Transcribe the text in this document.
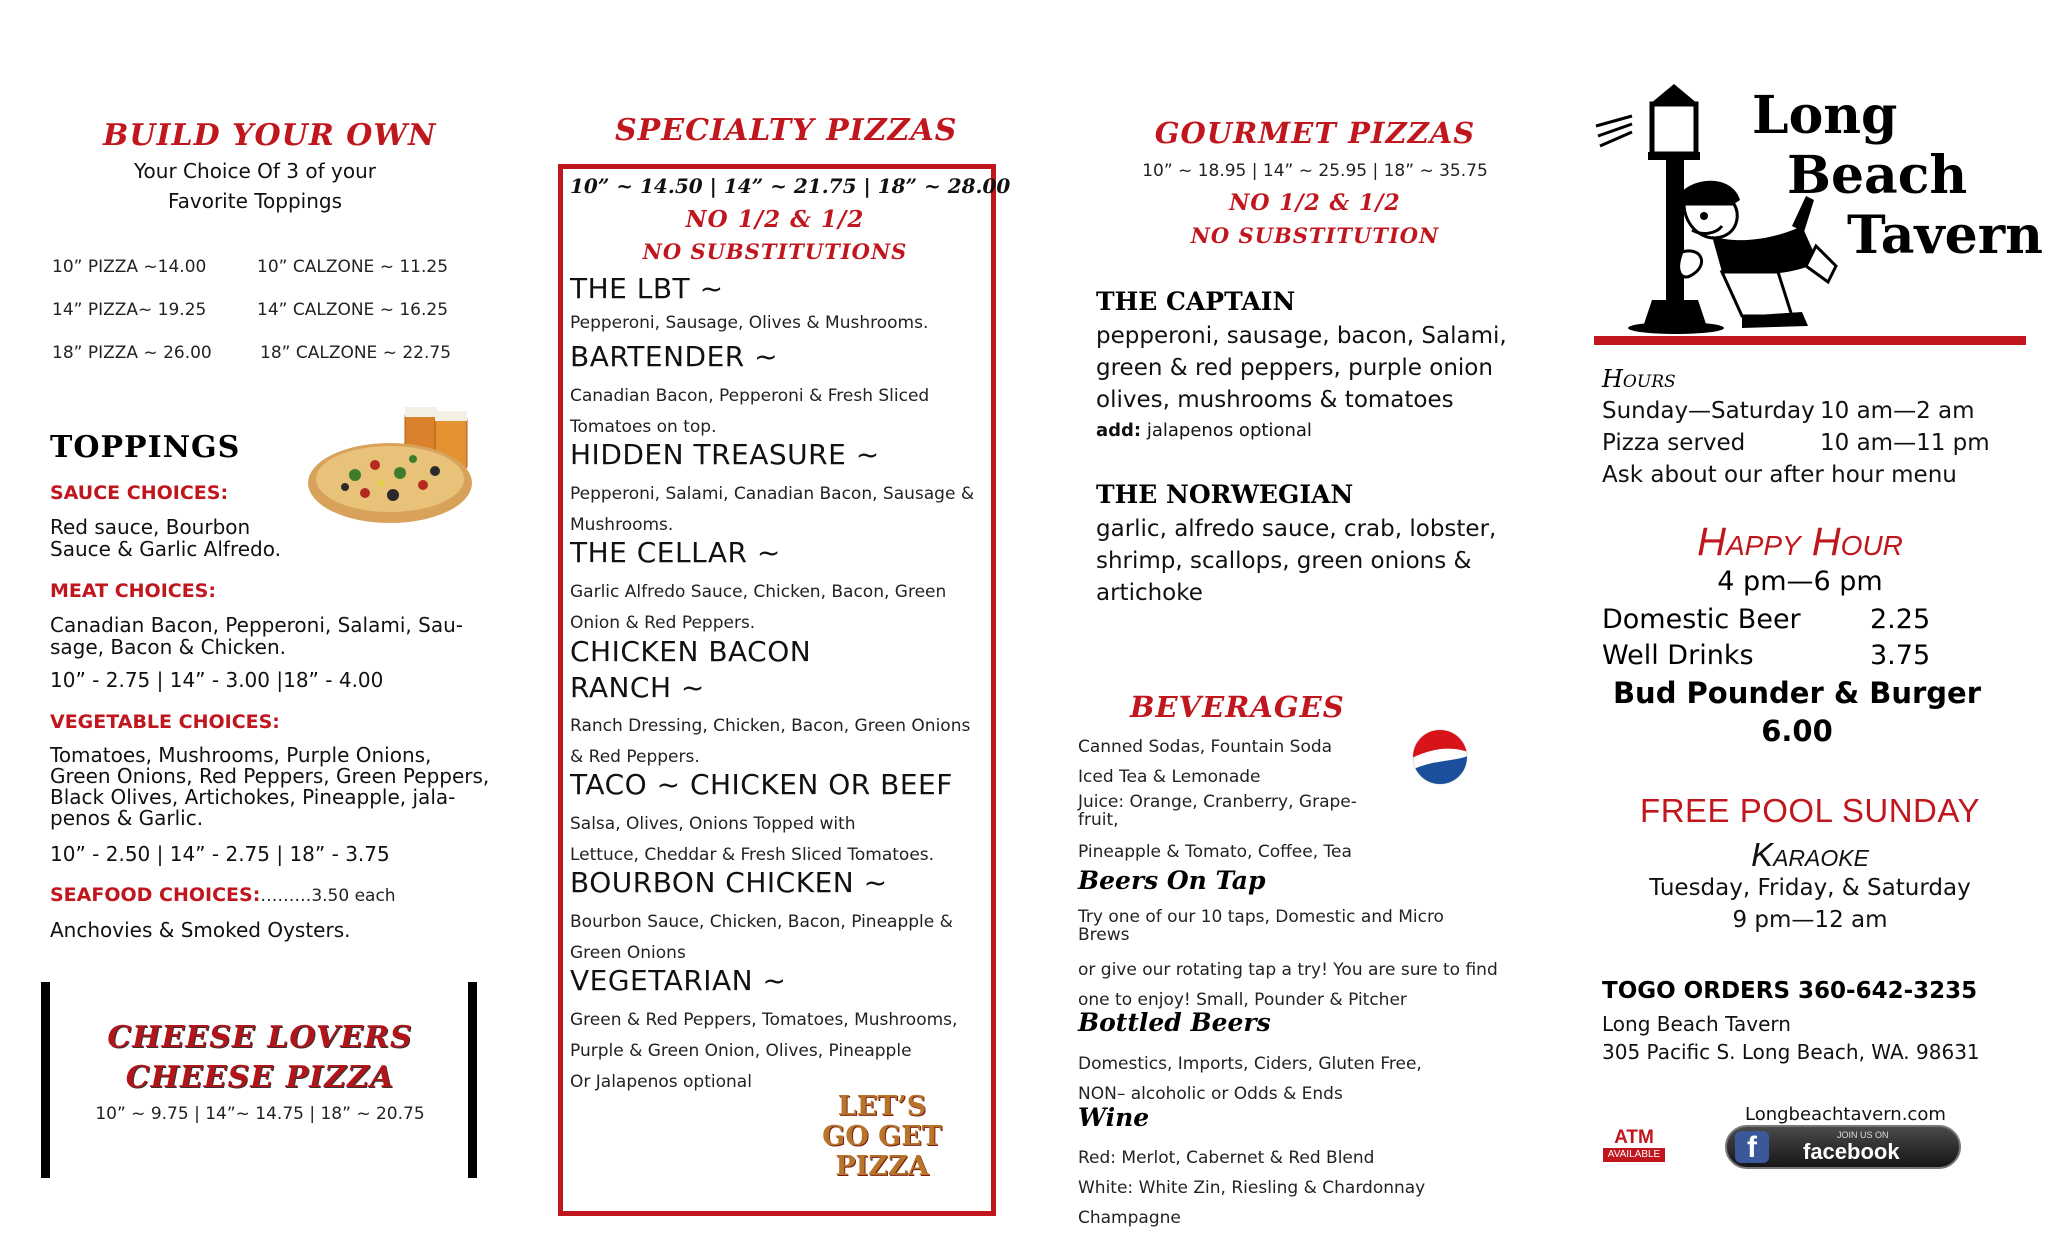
BUILD YOUR OWN
Your Choice Of 3 of your
Favorite Toppings
10” PIZZA ~14.00	10” CALZONE ~ 11.25
14” PIZZA~ 19.25	14” CALZONE ~ 16.25
18” PIZZA ~ 26.00	18” CALZONE ~ 22.75
TOPPINGS
SAUCE CHOICES:
Red sauce, Bourbon
Sauce & Garlic Alfredo.
MEAT CHOICES:
Canadian Bacon, Pepperoni, Salami, Sau-
sage, Bacon & Chicken.
10” - 2.75 | 14” - 3.00 |18” - 4.00
VEGETABLE CHOICES:
Tomatoes, Mushrooms, Purple Onions,
Green Onions, Red Peppers, Green Peppers,
Black Olives, Artichokes, Pineapple, jala-
penos & Garlic.
10” - 2.50 | 14” - 2.75 | 18” - 3.75
SEAFOOD CHOICES:………3.50 each
Anchovies & Smoked Oysters.
CHEESE LOVERS
CHEESE PIZZA
10” ~ 9.75 | 14”~ 14.75 | 18” ~ 20.75
SPECIALTY PIZZAS
10” ~ 14.50 | 14” ~ 21.75 | 18” ~ 28.00
NO 1/2 & 1/2
NO SUBSTITUTIONS
THE LBT ~
Pepperoni, Sausage, Olives & Mushrooms.
BARTENDER ~
Canadian Bacon, Pepperoni & Fresh Sliced
Tomatoes on top.
HIDDEN TREASURE ~
Pepperoni, Salami, Canadian Bacon, Sausage &
Mushrooms.
THE CELLAR ~
Garlic Alfredo Sauce, Chicken, Bacon, Green
Onion & Red Peppers.
CHICKEN BACON
RANCH ~
Ranch Dressing, Chicken, Bacon, Green Onions
& Red Peppers.
TACO ~ CHICKEN OR BEEF
Salsa, Olives, Onions Topped with
Lettuce, Cheddar & Fresh Sliced Tomatoes.
BOURBON CHICKEN ~
Bourbon Sauce, Chicken, Bacon, Pineapple &
Green Onions
VEGETARIAN ~
Green & Red Peppers, Tomatoes, Mushrooms,
Purple & Green Onion, Olives, Pineapple
Or Jalapenos optional
LET’S
GO GET
PIZZA
GOURMET PIZZAS
10” ~ 18.95 | 14” ~ 25.95 | 18” ~ 35.75
NO 1/2 & 1/2
NO SUBSTITUTION
THE CAPTAIN
pepperoni, sausage, bacon, Salami,
green & red peppers, purple onion
olives, mushrooms & tomatoes
add: jalapenos optional
THE NORWEGIAN
garlic, alfredo sauce, crab, lobster,
shrimp, scallops, green onions &
artichoke
BEVERAGES
Canned Sodas, Fountain Soda
Iced Tea & Lemonade
Juice: Orange, Cranberry, Grape-
fruit,
Pineapple & Tomato, Coffee, Tea
Beers On Tap
Try one of our 10 taps, Domestic and Micro
Brews
or give our rotating tap a try! You are sure to find
one to enjoy! Small, Pounder & Pitcher
Bottled Beers
Domestics, Imports, Ciders, Gluten Free,
NON– alcoholic or Odds & Ends
Wine
Red: Merlot, Cabernet & Red Blend
White: White Zin, Riesling & Chardonnay
Champagne
Long
Beach
Tavern
Hours
Sunday—Saturday 10 am—2 am
Pizza served	10 am—11 pm
Ask about our after hour menu
Happy Hour
4 pm—6 pm
Domestic Beer	2.25
Well Drinks	3.75
Bud Pounder & Burger
6.00
FREE POOL SUNDAY
Karaoke
Tuesday, Friday, & Saturday
9 pm—12 am
TOGO ORDERS 360-642-3235
Long Beach Tavern
305 Pacific S. Long Beach, WA. 98631
Longbeachtavern.com
ATM
AVAILABLE	f	JOIN US ON
facebook
